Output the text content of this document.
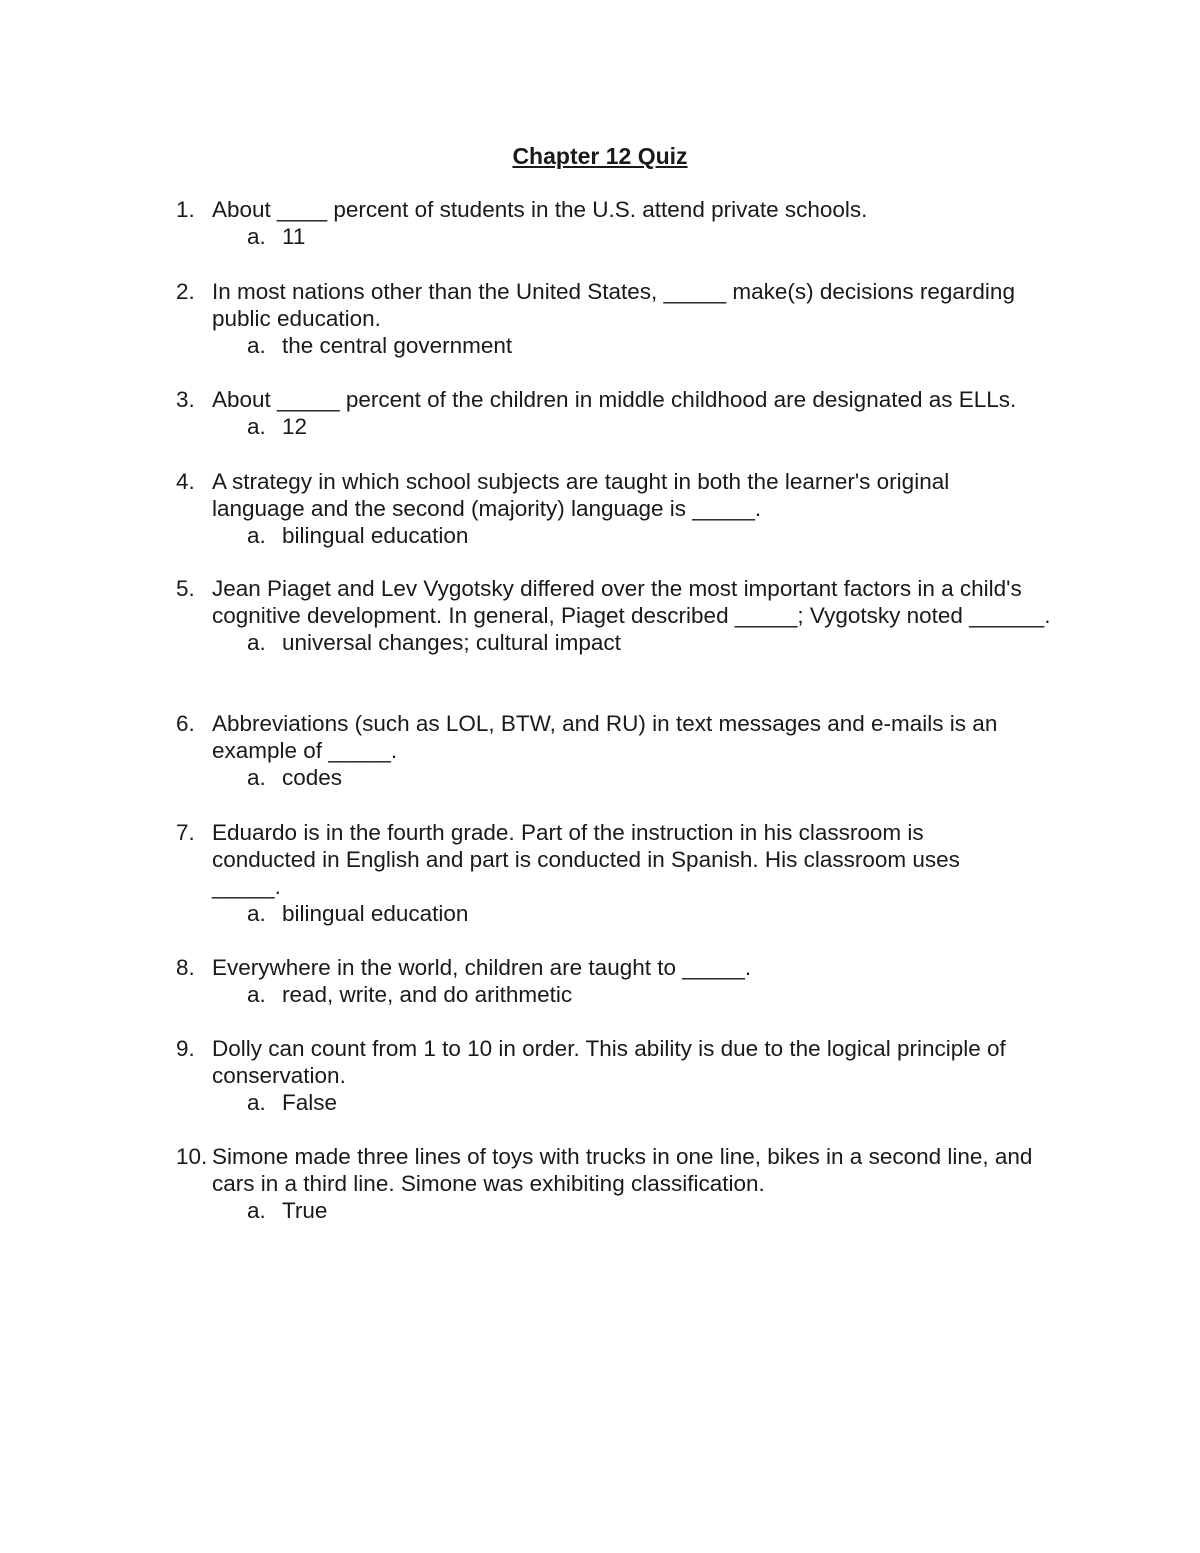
Chapter 12 Quiz
1. About ____ percent of students in the U.S. attend private schools.
a. 11
2. In most nations other than the United States, _____ make(s) decisions regarding public education.
a. the central government
3. About _____ percent of the children in middle childhood are designated as ELLs.
a. 12
4. A strategy in which school subjects are taught in both the learner's original language and the second (majority) language is _____.
a. bilingual education
5. Jean Piaget and Lev Vygotsky differed over the most important factors in a child's cognitive development. In general, Piaget described _____; Vygotsky noted ______.
a. universal changes; cultural impact
6. Abbreviations (such as LOL, BTW, and RU) in text messages and e-mails is an example of _____.
a. codes
7. Eduardo is in the fourth grade. Part of the instruction in his classroom is conducted in English and part is conducted in Spanish. His classroom uses _____.
a. bilingual education
8. Everywhere in the world, children are taught to _____.
a. read, write, and do arithmetic
9. Dolly can count from 1 to 10 in order. This ability is due to the logical principle of conservation.
a. False
10. Simone made three lines of toys with trucks in one line, bikes in a second line, and cars in a third line. Simone was exhibiting classification.
a. True
